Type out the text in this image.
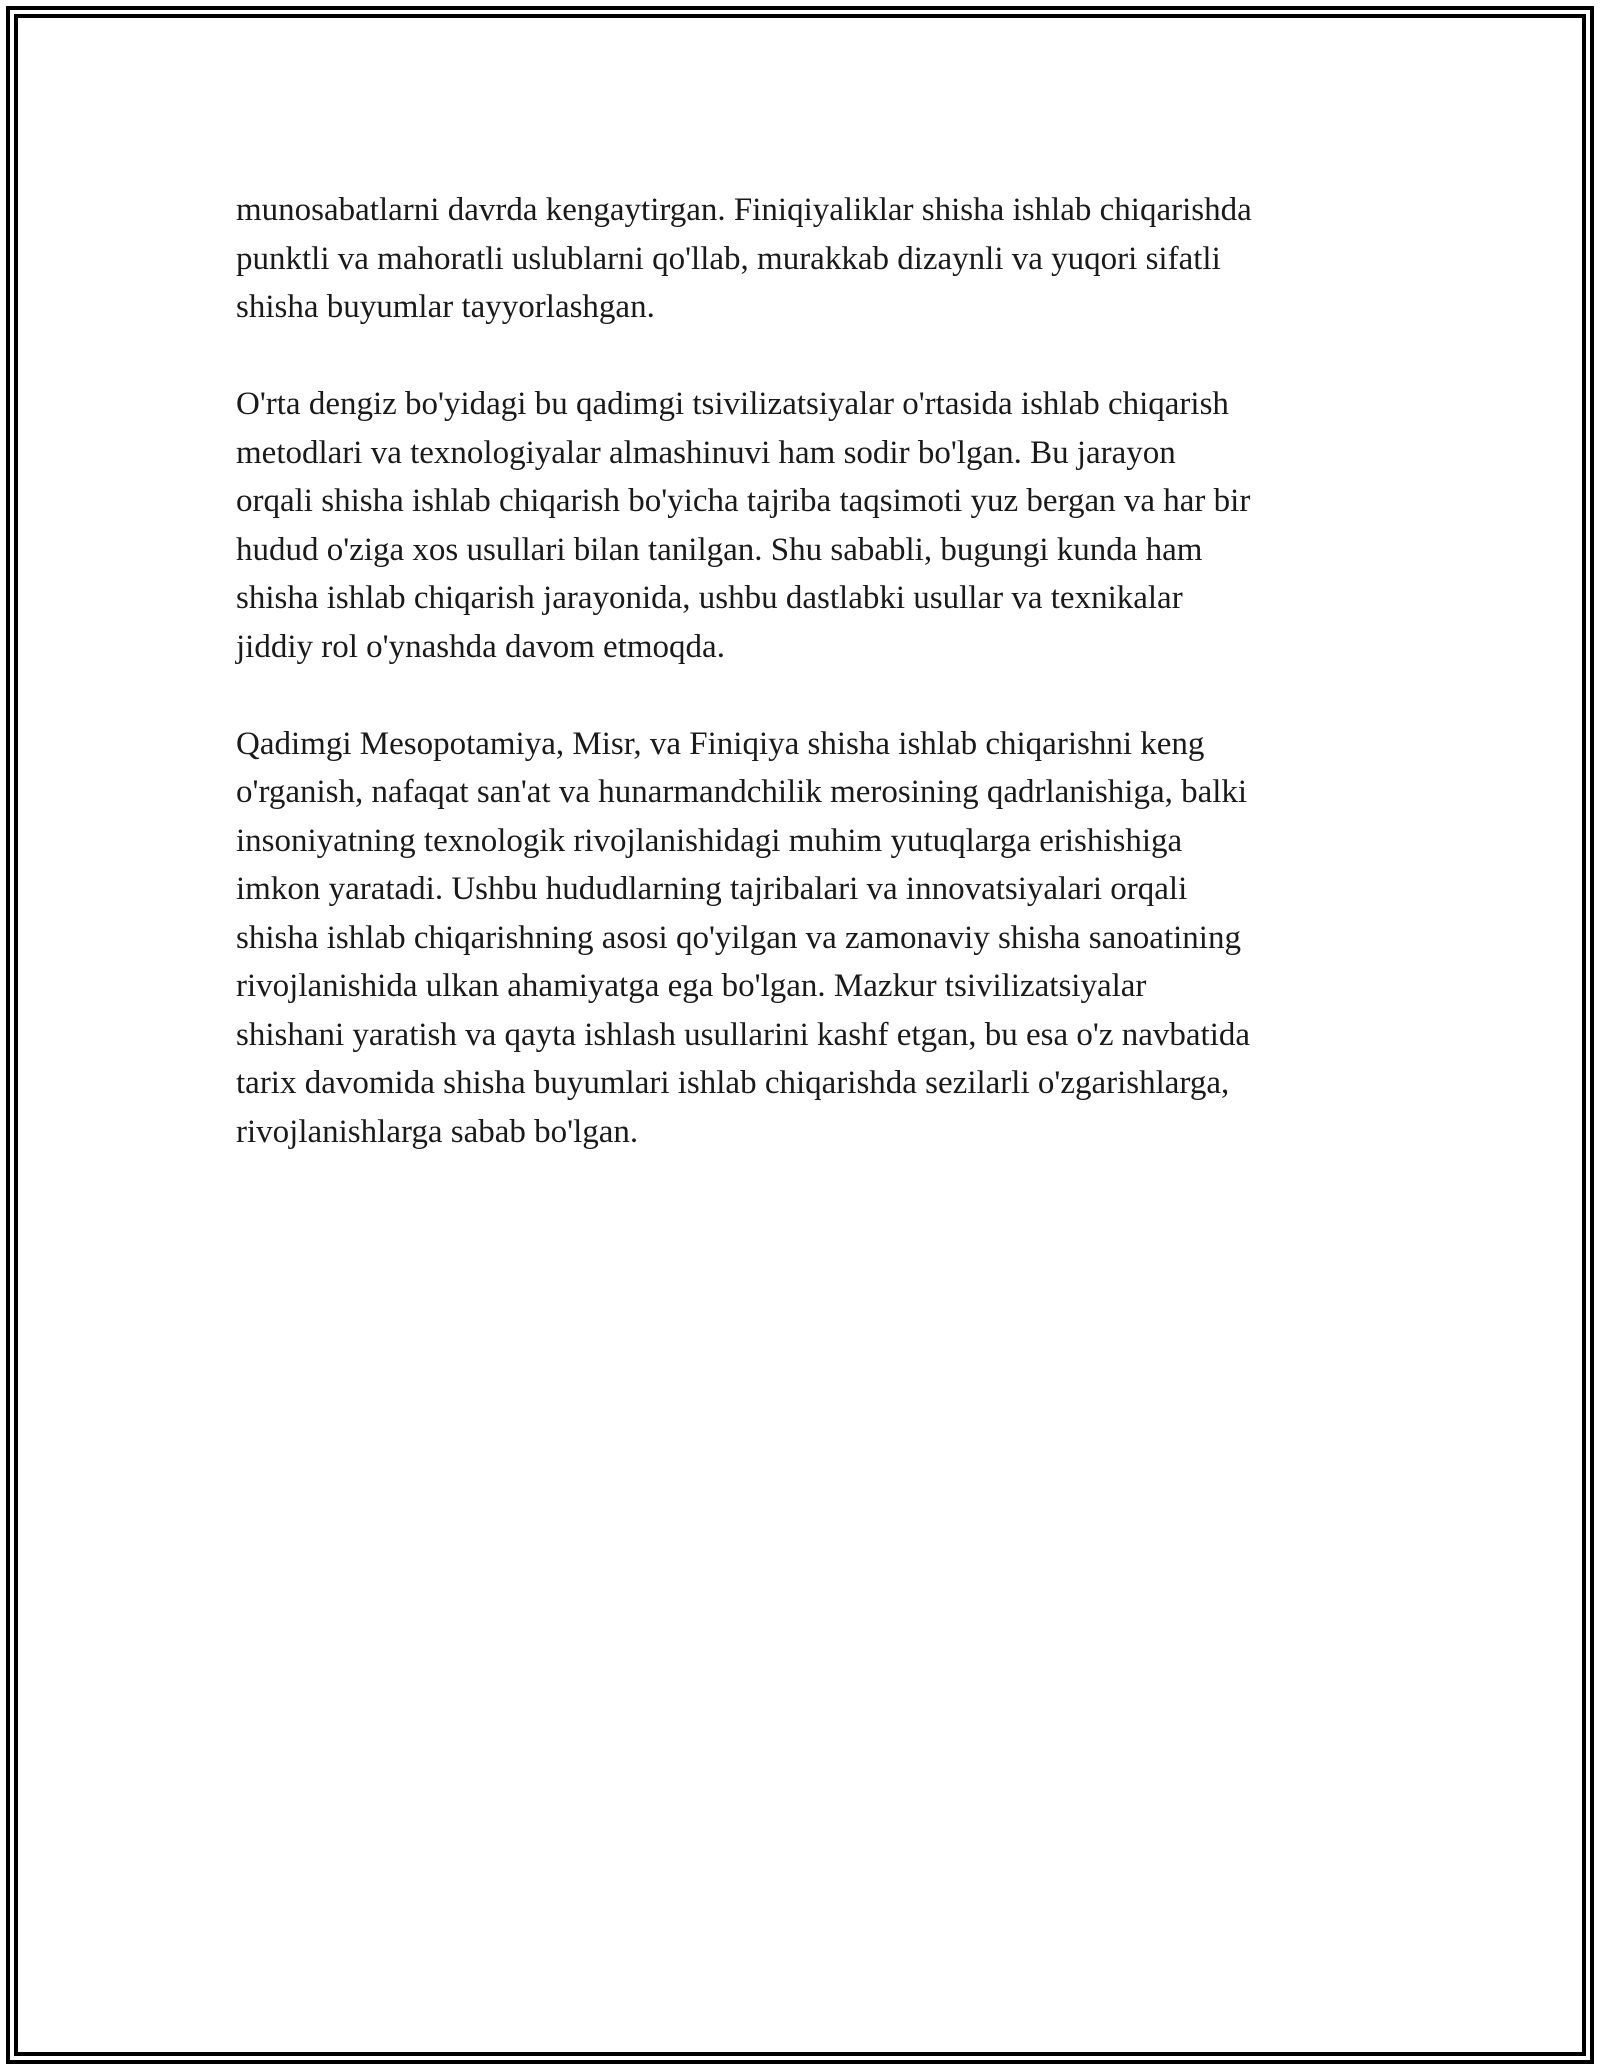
munosabatlarni davrda kengaytirgan. Finiqiyaliklar shisha ishlab chiqarishda
punktli va mahoratli uslublarni qo'llab, murakkab dizaynli va yuqori sifatli
shisha buyumlar tayyorlashgan.

O'rta dengiz bo'yidagi bu qadimgi tsivilizatsiyalar o'rtasida ishlab chiqarish
metodlari va texnologiyalar almashinuvi ham sodir bo'lgan. Bu jarayon
orqali shisha ishlab chiqarish bo'yicha tajriba taqsimoti yuz bergan va har bir
hudud o'ziga xos usullari bilan tanilgan. Shu sababli, bugungi kunda ham
shisha ishlab chiqarish jarayonida, ushbu dastlabki usullar va texnikalar
jiddiy rol o'ynashda davom etmoqda.

Qadimgi Mesopotamiya, Misr, va Finiqiya shisha ishlab chiqarishni keng
o'rganish, nafaqat san'at va hunarmandchilik merosining qadrlanishiga, balki
insoniyatning texnologik rivojlanishidagi muhim yutuqlarga erishishiga
imkon yaratadi. Ushbu hududlarning tajribalari va innovatsiyalari orqali
shisha ishlab chiqarishning asosi qo'yilgan va zamonaviy shisha sanoatining
rivojlanishida ulkan ahamiyatga ega bo'lgan. Mazkur tsivilizatsiyalar
shishani yaratish va qayta ishlash usullarini kashf etgan, bu esa o'z navbatida
tarix davomida shisha buyumlari ishlab chiqarishda sezilarli o'zgarishlarga,
rivojlanishlarga sabab bo'lgan.
